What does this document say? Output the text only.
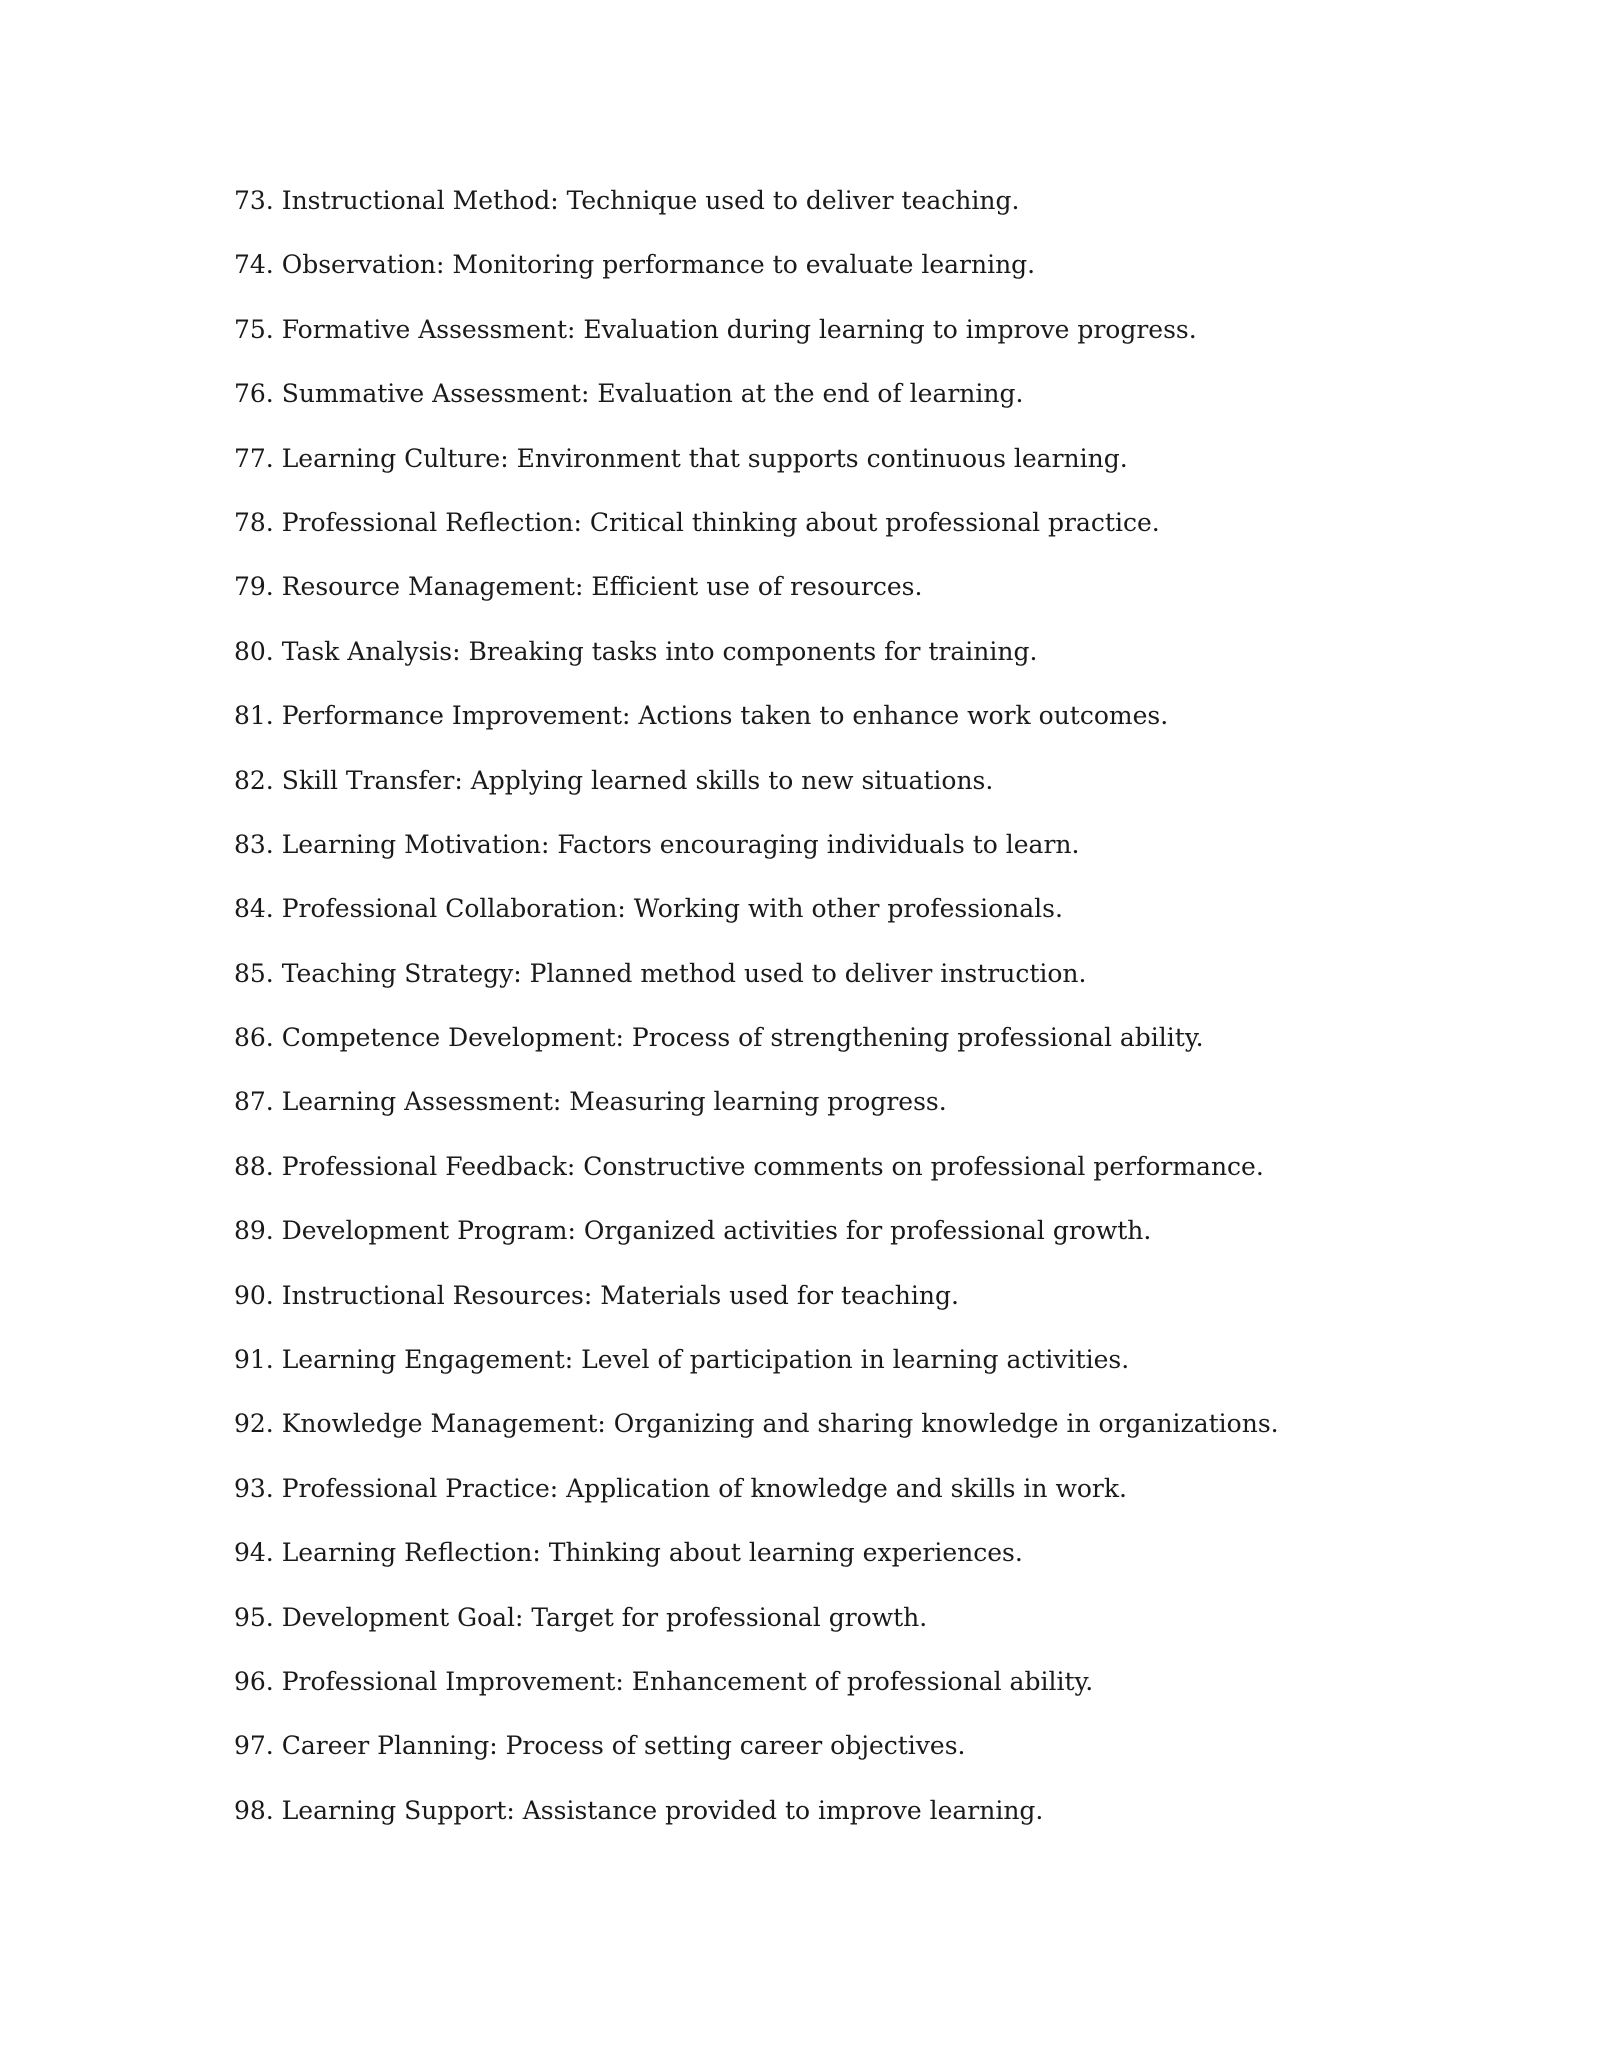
73. Instructional Method: Technique used to deliver teaching.
74. Observation: Monitoring performance to evaluate learning.
75. Formative Assessment: Evaluation during learning to improve progress.
76. Summative Assessment: Evaluation at the end of learning.
77. Learning Culture: Environment that supports continuous learning.
78. Professional Reflection: Critical thinking about professional practice.
79. Resource Management: Efficient use of resources.
80. Task Analysis: Breaking tasks into components for training.
81. Performance Improvement: Actions taken to enhance work outcomes.
82. Skill Transfer: Applying learned skills to new situations.
83. Learning Motivation: Factors encouraging individuals to learn.
84. Professional Collaboration: Working with other professionals.
85. Teaching Strategy: Planned method used to deliver instruction.
86. Competence Development: Process of strengthening professional ability.
87. Learning Assessment: Measuring learning progress.
88. Professional Feedback: Constructive comments on professional performance.
89. Development Program: Organized activities for professional growth.
90. Instructional Resources: Materials used for teaching.
91. Learning Engagement: Level of participation in learning activities.
92. Knowledge Management: Organizing and sharing knowledge in organizations.
93. Professional Practice: Application of knowledge and skills in work.
94. Learning Reflection: Thinking about learning experiences.
95. Development Goal: Target for professional growth.
96. Professional Improvement: Enhancement of professional ability.
97. Career Planning: Process of setting career objectives.
98. Learning Support: Assistance provided to improve learning.
